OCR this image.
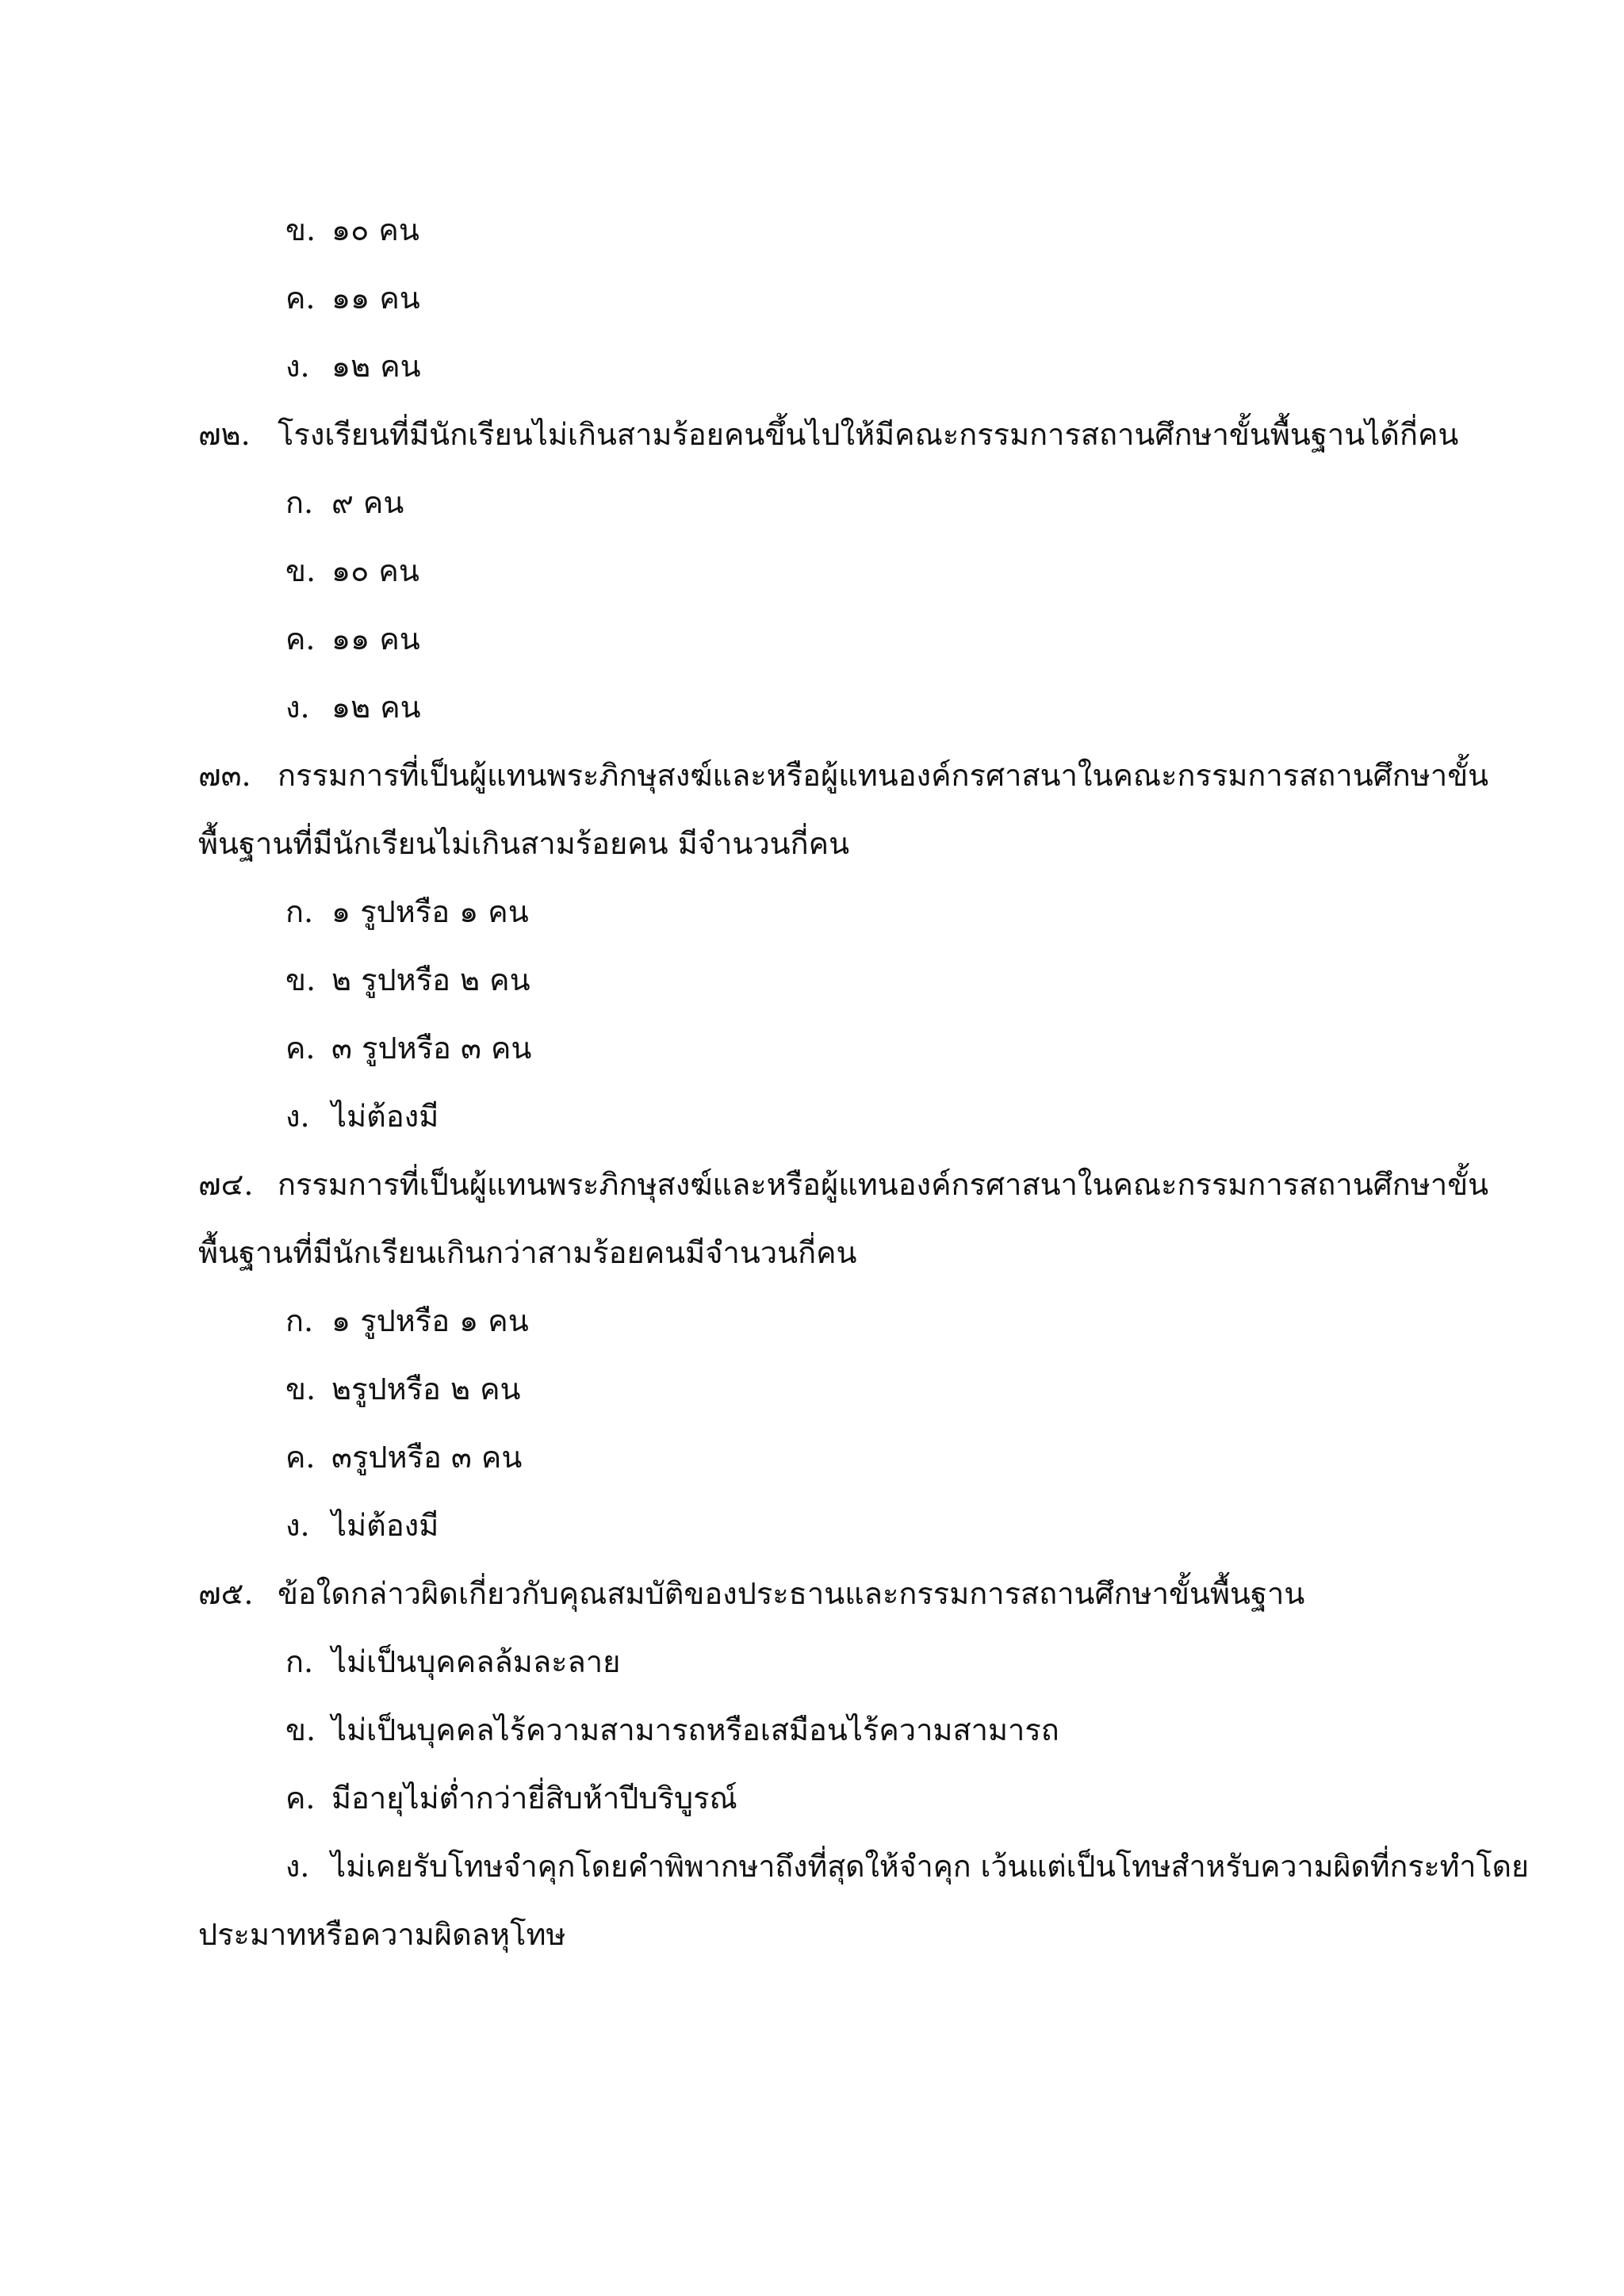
ข. ๑๐ คน
ค. ๑๑ คน
ง. ๑๒ คน
๗๒. โรงเรียนที่มีนักเรียนไม่เกินสามร้อยคนขึ้นไปให้มีคณะกรรมการสถานศึกษาขั้นพื้นฐานได้กี่คน
ก. ๙ คน
ข. ๑๐ คน
ค. ๑๑ คน
ง. ๑๒ คน
๗๓. กรรมการที่เป็นผู้แทนพระภิกษุสงฆ์และหรือผู้แทนองค์กรศาสนาในคณะกรรมการสถานศึกษาขั้น
พื้นฐานที่มีนักเรียนไม่เกินสามร้อยคน มีจำนวนกี่คน
ก. ๑ รูปหรือ ๑ คน
ข. ๒ รูปหรือ ๒ คน
ค. ๓ รูปหรือ ๓ คน
ง. ไม่ต้องมี
๗๔. กรรมการที่เป็นผู้แทนพระภิกษุสงฆ์และหรือผู้แทนองค์กรศาสนาในคณะกรรมการสถานศึกษาขั้น
พื้นฐานที่มีนักเรียนเกินกว่าสามร้อยคนมีจำนวนกี่คน
ก. ๑ รูปหรือ ๑ คน
ข. ๒รูปหรือ ๒ คน
ค. ๓รูปหรือ ๓ คน
ง. ไม่ต้องมี
๗๕. ข้อใดกล่าวผิดเกี่ยวกับคุณสมบัติของประธานและกรรมการสถานศึกษาขั้นพื้นฐาน
ก. ไม่เป็นบุคคลล้มละลาย
ข. ไม่เป็นบุคคลไร้ความสามารถหรือเสมือนไร้ความสามารถ
ค. มีอายุไม่ต่ำกว่ายี่สิบห้าปีบริบูรณ์
ง. ไม่เคยรับโทษจำคุกโดยคำพิพากษาถึงที่สุดให้จำคุก เว้นแต่เป็นโทษสำหรับความผิดที่กระทำโดย
ประมาทหรือความผิดลหุโทษ
